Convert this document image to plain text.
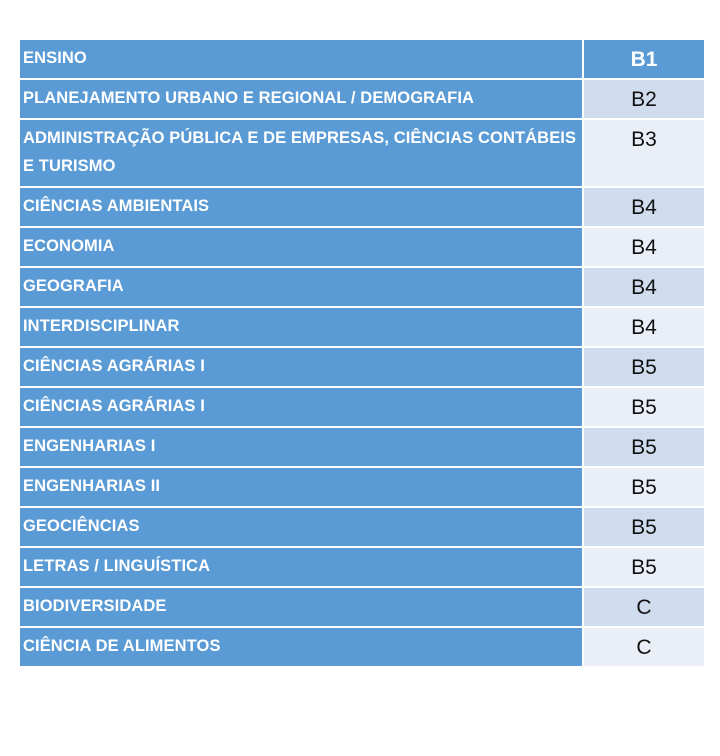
ENSINO	B1
PLANEJAMENTO URBANO E REGIONAL / DEMOGRAFIA	B2
ADMINISTRAÇÃO PÚBLICA E DE EMPRESAS, CIÊNCIAS CONTÁBEIS E TURISMO	B3
CIÊNCIAS AMBIENTAIS	B4
ECONOMIA	B4
GEOGRAFIA	B4
INTERDISCIPLINAR	B4
CIÊNCIAS AGRÁRIAS I	B5
CIÊNCIAS AGRÁRIAS I	B5
ENGENHARIAS I	B5
ENGENHARIAS II	B5
GEOCIÊNCIAS	B5
LETRAS / LINGUÍSTICA	B5
BIODIVERSIDADE	C
CIÊNCIA DE ALIMENTOS	C
